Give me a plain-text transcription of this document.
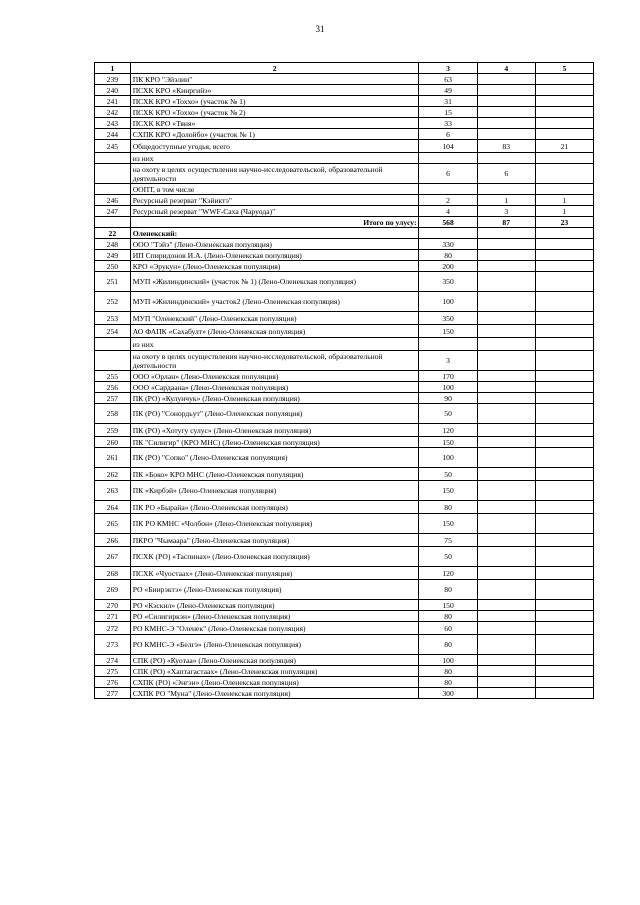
31
1	2	3	4	5
239	ПК КРО "Эйэлии"	63		
240	ПСХК КРО «Кииргийэ»	49		
241	ПСХК КРО «Тоххо» (участок № 1)	31		
242	ПСХК КРО «Тоххо» (участок № 2)	15		
243	ПСХК КРО «Тяня»	33		
244	СХПК КРО «Долойбо» (участок № 1)	6		
245	Общедоступные угодья, всего	104	83	21
	из них			
	на охоту в целях осуществления научно-исследовательской, образовательной деятельности	6	6	
	ООПТ, в том числе			
246	Ресурсный резерват "Кэйиктэ"	2	1	1
247	Ресурсный резерват "WWF-Саха (Чаруода)"	4	3	1
	Итого по улусу:	568	87	23
22	Оленекский:			
248	ООО "Тэйэ" (Лено-Оленекская популяция)	330		
249	ИП Спиридонов И.А. (Лено-Оленекская популяция)	80		
250	КРО «Эрукун» (Лено-Оленекская популяция)	200		
251	МУП «Жилиндинский» (участок № 1) (Лено-Оленекская популяция)	350		
252	МУП «Жилиндинский» участок2 (Лено-Оленекская популяция)	100		
253	МУП "Оленекский" (Лено-Оленекская популяция)	350		
254	АО ФАПК «Сахабулт» (Лено-Оленекская популяция)	150		
	из них			
	на охоту в целях осуществления научно-исследовательской, образовательной деятельности	3		
255	ООО «Орлан» (Лено-Оленекская популяция)	170		
256	ООО «Сардаана» (Лено-Оленекская популяция)	100		
257	ПК (РО) «Кулуичук» (Лено-Оленекская популяция)	90		
258	ПК (РО) "Сонордьут" (Лено-Оленекская популяция)	50		
259	ПК (РО) «Хотугу сулус» (Лено-Оленекская популяция)	120		
260	ПК "Силигир" (КРО МНС) (Лено-Оленекская популяция)	150		
261	ПК (РО) "Сопко" (Лено-Оленекская популяция)	100		
262	ПК «Боко» КРО МНС (Лено-Оленекская популяция)	50		
263	ПК «Кирбэй» (Лено-Оленекская популяция)	150		
264	ПК РО «Бырайа» (Лено-Оленекская популяция)	80		
265	ПК РО КМНС «Чолбон» (Лено-Оленекская популяция)	150		
266	ПКРО "Чымаара" (Лено-Оленекская популяция)	75		
267	ПСХК (РО) «Таспинах» (Лено-Оленекская популяция)	50		
268	ПСХК «Чуостаах» (Лено-Оленекская популяция)	120		
269	РО «Биирэктэ» (Лено-Оленекская популяция)	80		
270	РО «Кэскил» (Лено-Оленекская популяция)	150		
271	РО «Силигиркэн» (Лено-Оленекская популяция)	80		
272	РО КМНС-Э "Оленек" (Лено-Оленекская популяция)	60		
273	РО КМНС-Э «Белгэ» (Лено-Оленекская популяция)	80		
274	СПК (РО) «Куотаа» (Лено-Оленекская популяция)	100		
275	СПК (РО) «Хаптагастаах» (Лено-Оленекская популяция)	80		
276	СХПК (РО) «Энгэн» (Лено-Оленекская популяция)	80		
277	СХПК РО "Муна" (Лено-Оленекская популяция)	300		
